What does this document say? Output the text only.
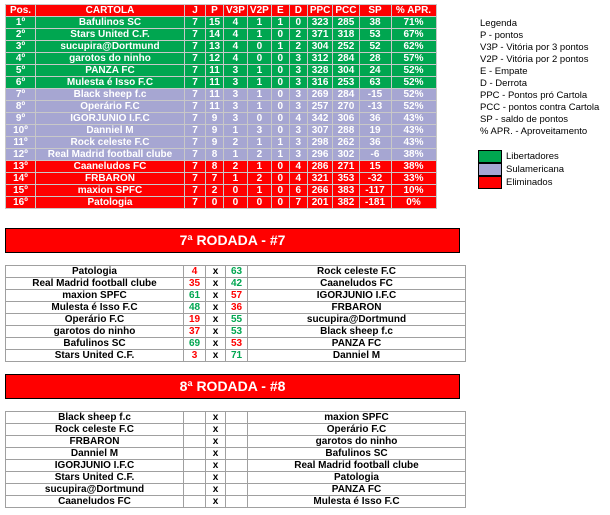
Pos.	CARTOLA	J	P	V3P	V2P	E	D	PPC	PCC	SP	% APR.
1º	Bafulinos SC	7	15	4	1	1	0	323	285	38	71%
2º	Stars United C.F.	7	14	4	1	0	2	371	318	53	67%
3º	sucupira@Dortmund	7	13	4	0	1	2	304	252	52	62%
4º	garotos do ninho	7	12	4	0	0	3	312	284	28	57%
5º	PANZA FC	7	11	3	1	0	3	328	304	24	52%
6º	Mulesta é Isso F.C	7	11	3	1	0	3	316	253	63	52%
7º	Black sheep f.c	7	11	3	1	0	3	269	284	-15	52%
8º	Operário F.C	7	11	3	1	0	3	257	270	-13	52%
9º	IGORJUNIO I.F.C	7	9	3	0	0	4	342	306	36	43%
10º	Danniel M	7	9	1	3	0	3	307	288	19	43%
11º	Rock celeste F.C	7	9	2	1	1	3	298	262	36	43%
12º	Real Madrid football clube	7	8	1	2	1	3	296	302	-6	38%
13º	Caaneludos FC	7	8	2	1	0	4	286	271	15	38%
14º	FRBARON	7	7	1	2	0	4	321	353	-32	33%
15º	maxion SPFC	7	2	0	1	0	6	266	383	-117	10%
16º	Patologia	7	0	0	0	0	7	201	382	-181	0%
Legenda
P - pontos
V3P - Vitória por 3 pontos
V2P - Vitória por 2 pontos
E - Empate
D - Derrota
PPC - Pontos pró Cartola
PCC - pontos contra Cartola
SP - saldo de pontos
% APR. - Aproveitamento
Libertadores
Sulamericana
Eliminados
7ª RODADA - #7
Patologia	4	x	63	Rock celeste F.C
Real Madrid football clube	35	x	42	Caaneludos FC
maxion SPFC	61	x	57	IGORJUNIO I.F.C
Mulesta é Isso F.C	48	x	36	FRBARON
Operário F.C	19	x	55	sucupira@Dortmund
garotos do ninho	37	x	53	Black sheep f.c
Bafulinos SC	69	x	53	PANZA FC
Stars United C.F.	3	x	71	Danniel M
8ª RODADA - #8
Black sheep f.c		x		maxion SPFC
Rock celeste F.C		x		Operário F.C
FRBARON		x		garotos do ninho
Danniel M		x		Bafulinos SC
IGORJUNIO I.F.C		x		Real Madrid football clube
Stars United C.F.		x		Patologia
sucupira@Dortmund		x		PANZA FC
Caaneludos FC		x		Mulesta é Isso F.C
